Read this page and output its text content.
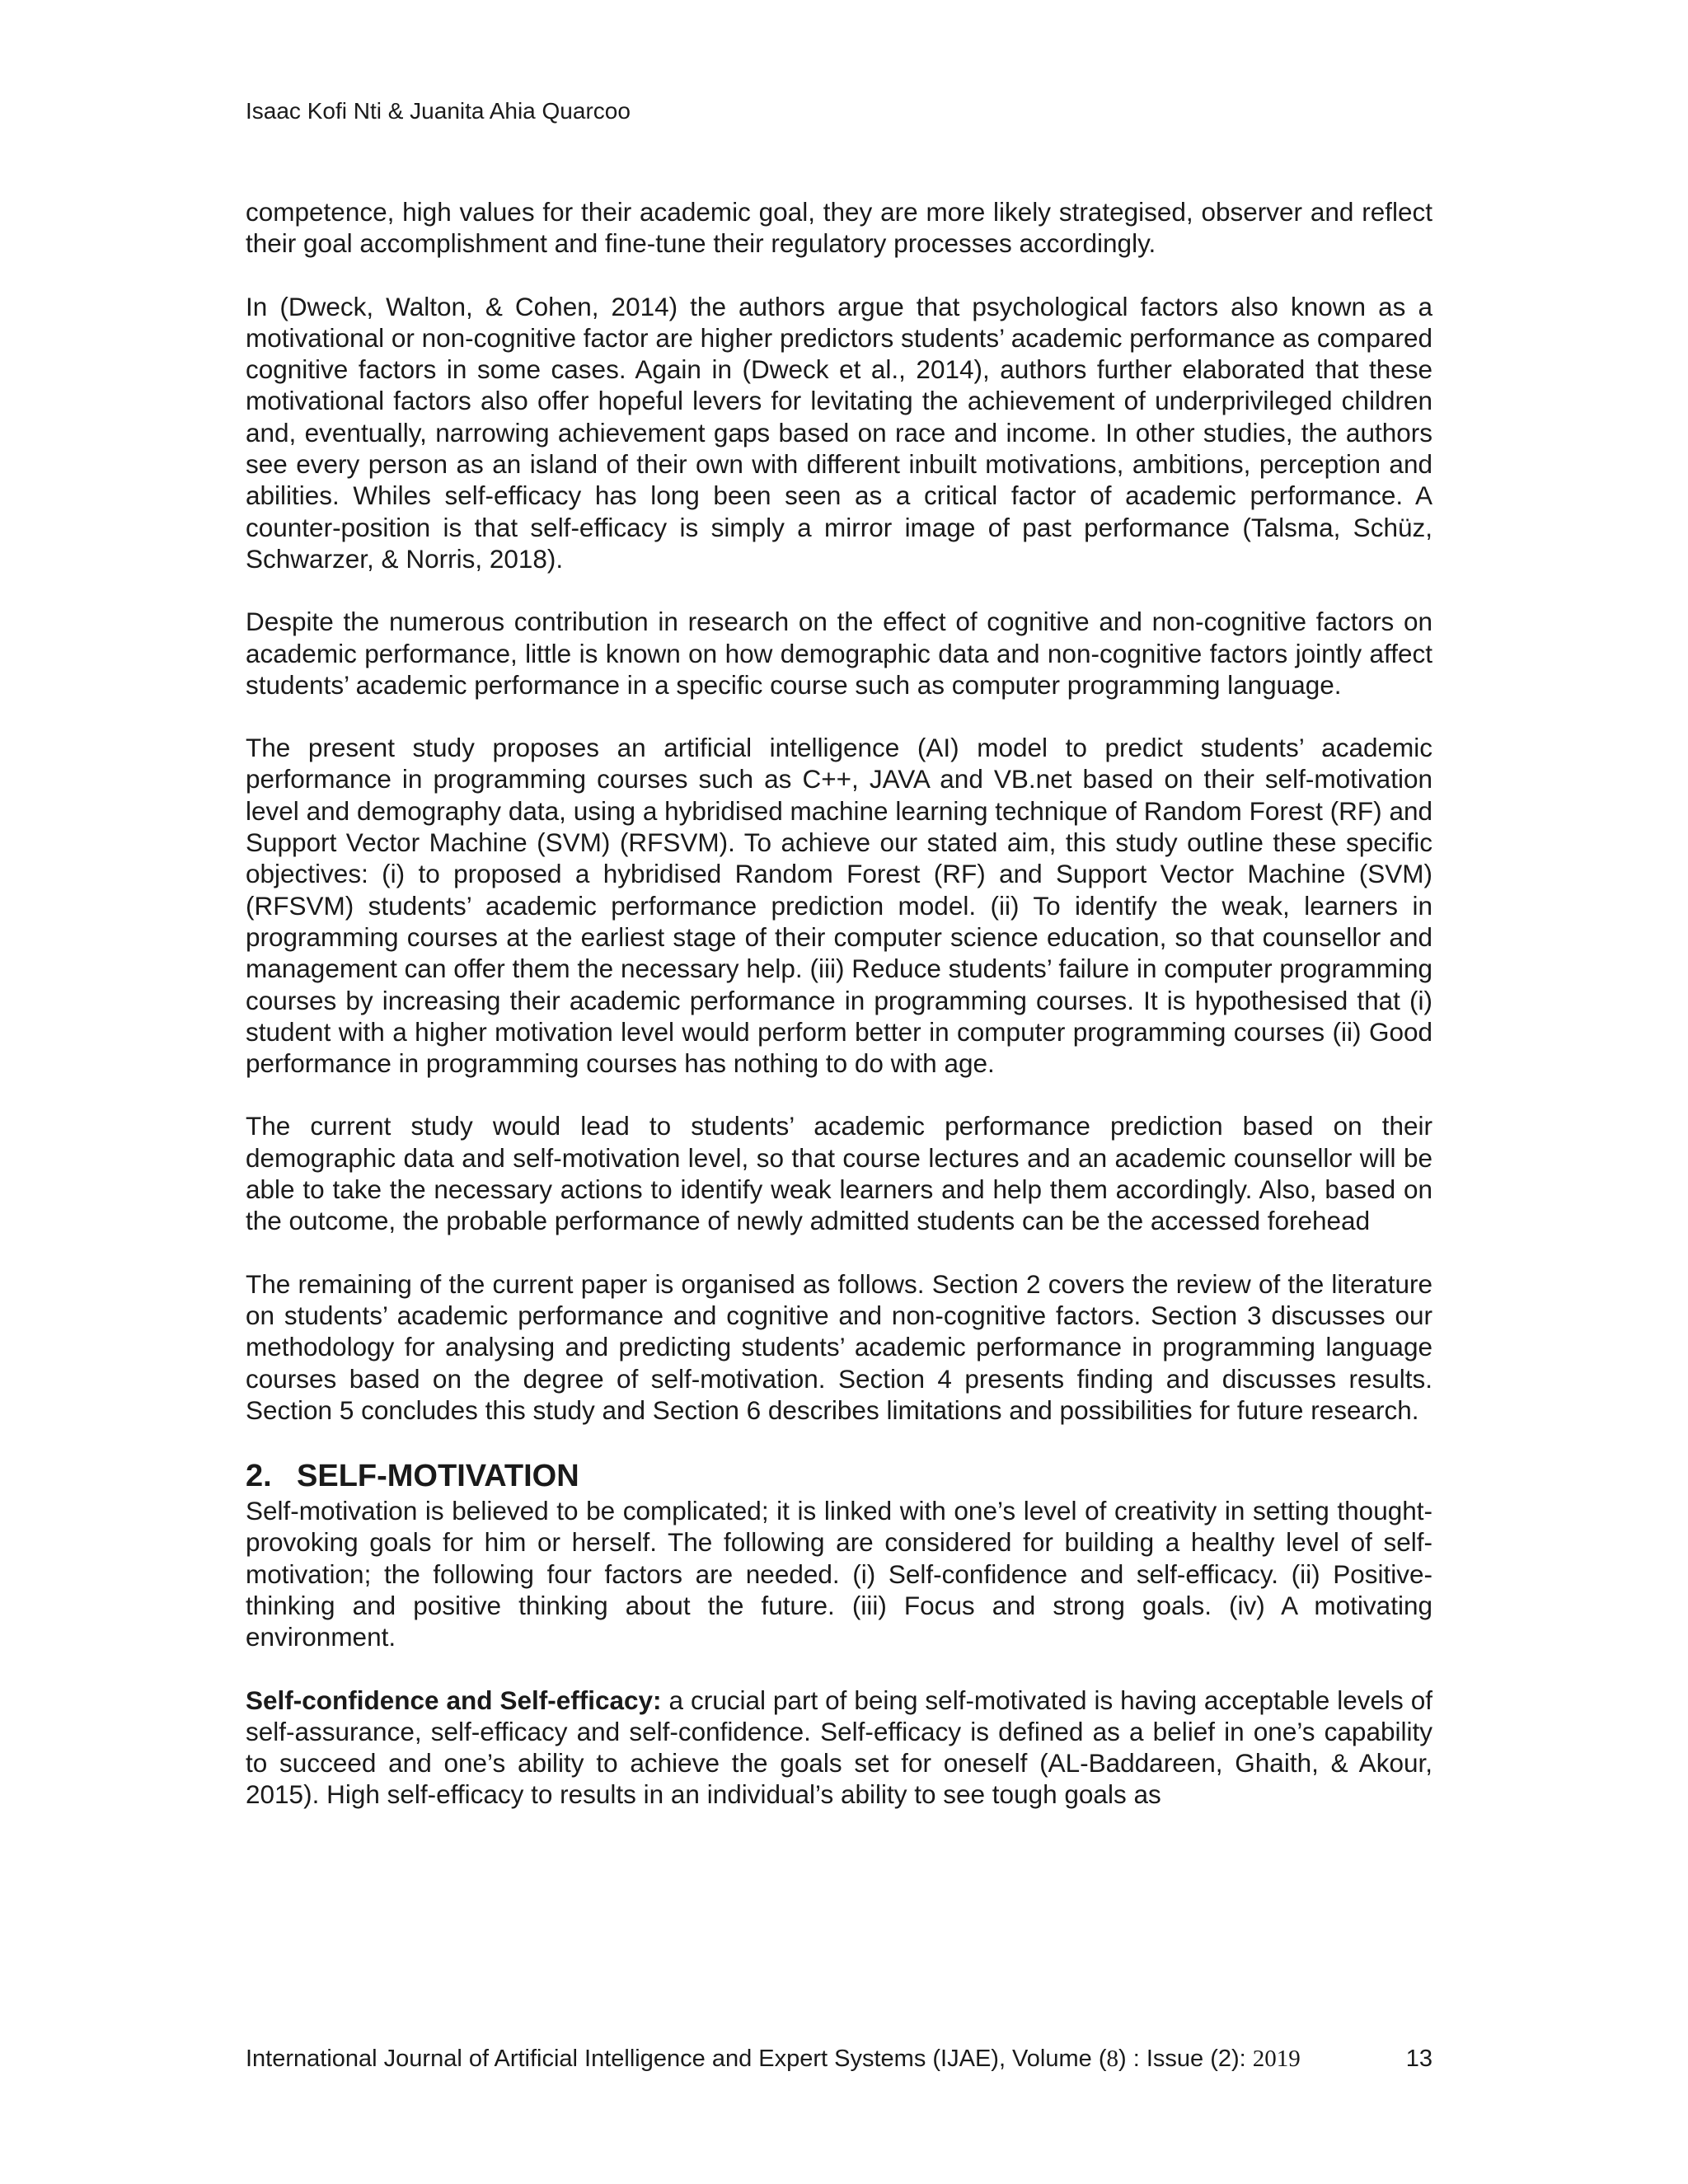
Isaac Kofi Nti & Juanita Ahia Quarcoo

competence, high values for their academic goal, they are more likely strategised, observer and reflect their goal accomplishment and fine-tune their regulatory processes accordingly.

In (Dweck, Walton, & Cohen, 2014) the authors argue that psychological factors also known as a motivational or non-cognitive factor are higher predictors students’ academic performance as compared cognitive factors in some cases. Again in (Dweck et al., 2014), authors further elaborated that these motivational factors also offer hopeful levers for levitating the achievement of underprivileged children and, eventually, narrowing achievement gaps based on race and income. In other studies, the authors see every person as an island of their own with different inbuilt motivations, ambitions, perception and abilities. Whiles self-efficacy has long been seen as a critical factor of academic performance. A counter-position is that self-efficacy is simply a mirror image of past performance (Talsma, Schüz, Schwarzer, & Norris, 2018).

Despite the numerous contribution in research on the effect of cognitive and non-cognitive factors on academic performance, little is known on how demographic data and non-cognitive factors jointly affect students’ academic performance in a specific course such as computer programming language.

The present study proposes an artificial intelligence (AI) model to predict students’ academic performance in programming courses such as C++, JAVA and VB.net based on their self-motivation level and demography data, using a hybridised machine learning technique of Random Forest (RF) and Support Vector Machine (SVM) (RFSVM). To achieve our stated aim, this study outline these specific objectives: (i) to proposed a hybridised Random Forest (RF) and Support Vector Machine (SVM) (RFSVM) students’ academic performance prediction model. (ii) To identify the weak, learners in programming courses at the earliest stage of their computer science education, so that counsellor and management can offer them the necessary help. (iii) Reduce students’ failure in computer programming courses by increasing their academic performance in programming courses. It is hypothesised that (i) student with a higher motivation level would perform better in computer programming courses (ii) Good performance in programming courses has nothing to do with age.

The current study would lead to students’ academic performance prediction based on their demographic data and self-motivation level, so that course lectures and an academic counsellor will be able to take the necessary actions to identify weak learners and help them accordingly. Also, based on the outcome, the probable performance of newly admitted students can be the accessed forehead

The remaining of the current paper is organised as follows. Section 2 covers the review of the literature on students’ academic performance and cognitive and non-cognitive factors. Section 3 discusses our methodology for analysing and predicting students’ academic performance in programming language courses based on the degree of self-motivation. Section 4 presents finding and discusses results. Section 5 concludes this study and Section 6 describes limitations and possibilities for future research.

2. SELF-MOTIVATION

Self-motivation is believed to be complicated; it is linked with one’s level of creativity in setting thought-provoking goals for him or herself. The following are considered for building a healthy level of self-motivation; the following four factors are needed. (i) Self-confidence and self-efficacy. (ii) Positive-thinking and positive thinking about the future. (iii) Focus and strong goals. (iv) A motivating environment.

Self-confidence and Self-efficacy: a crucial part of being self-motivated is having acceptable levels of self-assurance, self-efficacy and self-confidence. Self-efficacy is defined as a belief in one’s capability to succeed and one’s ability to achieve the goals set for oneself (AL-Baddareen, Ghaith, & Akour, 2015). High self-efficacy to results in an individual’s ability to see tough goals as

International Journal of Artificial Intelligence and Expert Systems (IJAE), Volume (8) : Issue (2): 2019	13
